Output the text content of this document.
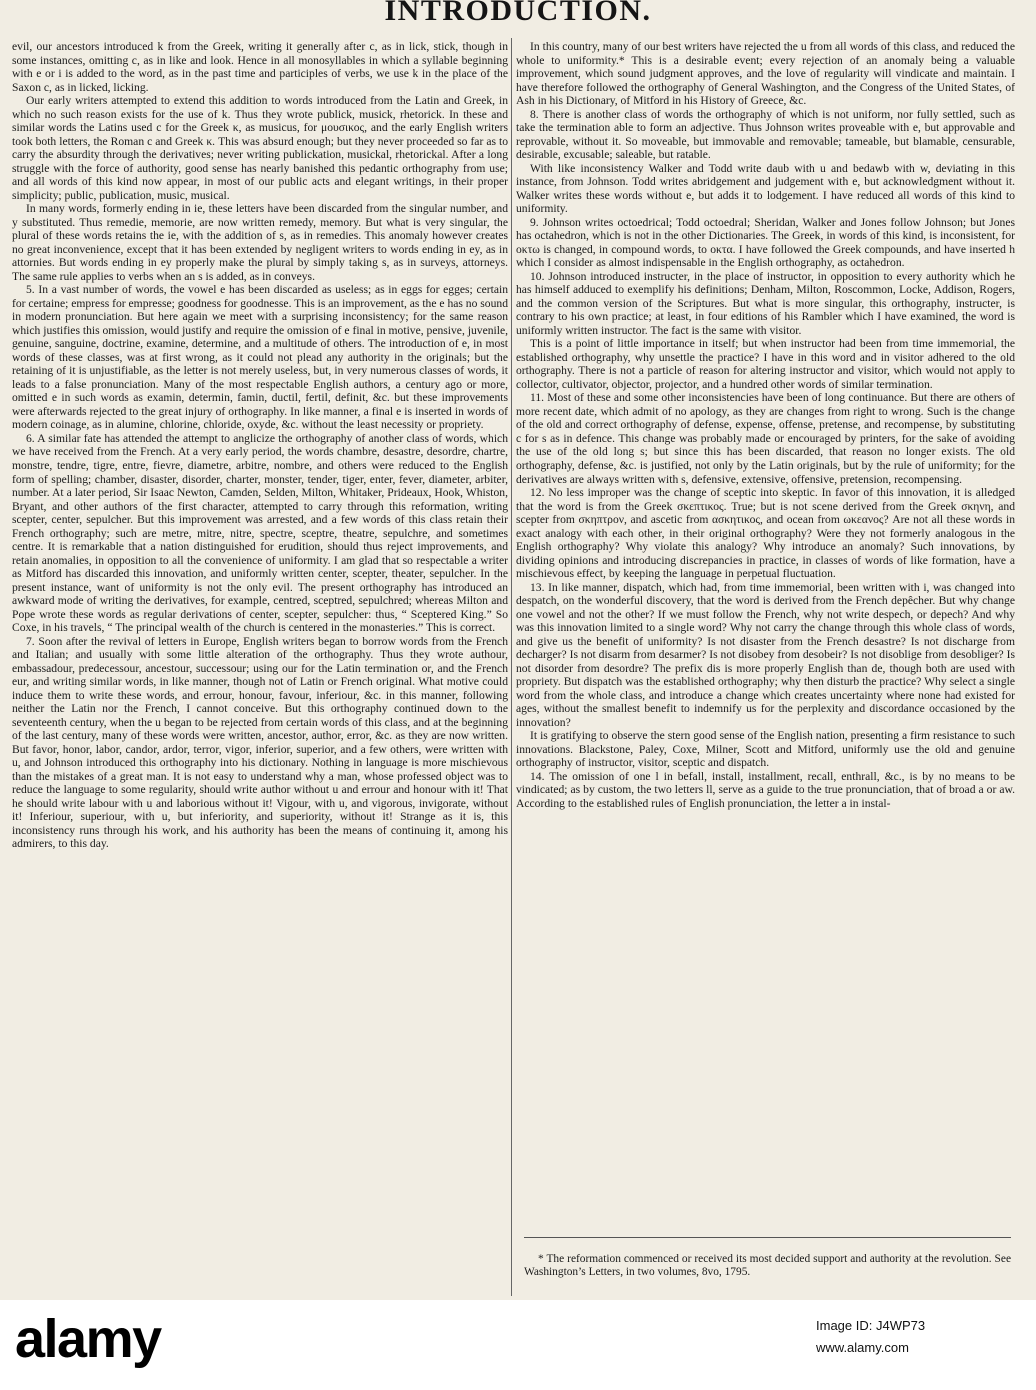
INTRODUCTION.

evil, our ancestors introduced k from the Greek, writing it generally after c, as in lick, stick, though in some instances, omitting c, as in like and look. Hence in all monosyllables in which a syllable beginning with e or i is added to the word, as in the past time and participles of verbs, we use k in the place of the Saxon c, as in licked, licking.

Our early writers attempted to extend this addition to words introduced from the Latin and Greek, in which no such reason exists for the use of k. Thus they wrote publick, musick, rhetorick. In these and similar words the Latins used c for the Greek κ, as musicus, for μουσικος, and the early English writers took both letters, the Roman c and Greek κ. This was absurd enough; but they never proceeded so far as to carry the absurdity through the derivatives; never writing publickation, musickal, rhetorickal. After a long struggle with the force of authority, good sense has nearly banished this pedantic orthography from use; and all words of this kind now appear, in most of our public acts and elegant writings, in their proper simplicity; public, publication, music, musical.

In many words, formerly ending in ie, these letters have been discarded from the singular number, and y substituted. Thus remedie, memorie, are now written remedy, memory. But what is very singular, the plural of these words retains the ie, with the addition of s, as in remedies. This anomaly however creates no great inconvenience, except that it has been extended by negligent writers to words ending in ey, as in attornies. But words ending in ey properly make the plural by simply taking s, as in surveys, attorneys. The same rule applies to verbs when an s is added, as in conveys.

5. In a vast number of words, the vowel e has been discarded as useless; as in eggs for egges; certain for certaine; empress for empresse; goodness for goodnesse. This is an improvement, as the e has no sound in modern pronunciation. But here again we meet with a surprising inconsistency; for the same reason which justifies this omission, would justify and require the omission of e final in motive, pensive, juvenile, genuine, sanguine, doctrine, examine, determine, and a multitude of others. The introduction of e, in most words of these classes, was at first wrong, as it could not plead any authority in the originals; but the retaining of it is unjustifiable, as the letter is not merely useless, but, in very numerous classes of words, it leads to a false pronunciation. Many of the most respectable English authors, a century ago or more, omitted e in such words as examin, determin, famin, ductil, fertil, definit, &c. but these improvements were afterwards rejected to the great injury of orthography. In like manner, a final e is inserted in words of modern coinage, as in alumine, chlorine, chloride, oxyde, &c. without the least necessity or propriety.

6. A similar fate has attended the attempt to anglicize the orthography of another class of words, which we have received from the French. At a very early period, the words chambre, desastre, desordre, chartre, monstre, tendre, tigre, entre, fievre, diametre, arbitre, nombre, and others were reduced to the English form of spelling; chamber, disaster, disorder, charter, monster, tender, tiger, enter, fever, diameter, arbiter, number. At a later period, Sir Isaac Newton, Camden, Selden, Milton, Whitaker, Prideaux, Hook, Whiston, Bryant, and other authors of the first character, attempted to carry through this reformation, writing scepter, center, sepulcher. But this improvement was arrested, and a few words of this class retain their French orthography; such are metre, mitre, nitre, spectre, sceptre, theatre, sepulchre, and sometimes centre. It is remarkable that a nation distinguished for erudition, should thus reject improvements, and retain anomalies, in opposition to all the convenience of uniformity. I am glad that so respectable a writer as Mitford has discarded this innovation, and uniformly written center, scepter, theater, sepulcher. In the present instance, want of uniformity is not the only evil. The present orthography has introduced an awkward mode of writing the derivatives, for example, centred, sceptred, sepulchred; whereas Milton and Pope wrote these words as regular derivations of center, scepter, sepulcher: thus, “ Sceptered King.” So Coxe, in his travels, “ The principal wealth of the church is centered in the monasteries.” This is correct.

7. Soon after the revival of letters in Europe, English writers began to borrow words from the French and Italian; and usually with some little alteration of the orthography. Thus they wrote authour, embassadour, predecessour, ancestour, successour; using our for the Latin termination or, and the French eur, and writing similar words, in like manner, though not of Latin or French original. What motive could induce them to write these words, and errour, honour, favour, inferiour, &c. in this manner, following neither the Latin nor the French, I cannot conceive. But this orthography continued down to the seventeenth century, when the u began to be rejected from certain words of this class, and at the beginning of the last century, many of these words were written, ancestor, author, error, &c. as they are now written. But favor, honor, labor, candor, ardor, terror, vigor, inferior, superior, and a few others, were written with u, and Johnson introduced this orthography into his dictionary. Nothing in language is more mischievous than the mistakes of a great man. It is not easy to understand why a man, whose professed object was to reduce the language to some regularity, should write author without u and errour and honour with it! That he should write labour with u and laborious without it! Vigour, with u, and vigorous, invigorate, without it! Inferiour, superiour, with u, but inferiority, and superiority, without it! Strange as it is, this inconsistency runs through his work, and his authority has been the means of continuing it, among his admirers, to this day.

In this country, many of our best writers have rejected the u from all words of this class, and reduced the whole to uniformity.* This is a desirable event; every rejection of an anomaly being a valuable improvement, which sound judgment approves, and the love of regularity will vindicate and maintain. I have therefore followed the orthography of General Washington, and the Congress of the United States, of Ash in his Dictionary, of Mitford in his History of Greece, &c.

8. There is another class of words the orthography of which is not uniform, nor fully settled, such as take the termination able to form an adjective. Thus Johnson writes proveable with e, but approvable and reprovable, without it. So moveable, but immovable and removable; tameable, but blamable, censurable, desirable, excusable; saleable, but ratable.

With like inconsistency Walker and Todd write daub with u and bedawb with w, deviating in this instance, from Johnson. Todd writes abridgement and judgement with e, but acknowledgment without it. Walker writes these words without e, but adds it to lodgement. I have reduced all words of this kind to uniformity.

9. Johnson writes octoedrical; Todd octoedral; Sheridan, Walker and Jones follow Johnson; but Jones has octahedron, which is not in the other Dictionaries. The Greek, in words of this kind, is inconsistent, for οκτω is changed, in compound words, to οκτα. I have followed the Greek compounds, and have inserted h which I consider as almost indispensable in the English orthography, as octahedron.

10. Johnson introduced instructer, in the place of instructor, in opposition to every authority which he has himself adduced to exemplify his definitions; Denham, Milton, Roscommon, Locke, Addison, Rogers, and the common version of the Scriptures. But what is more singular, this orthography, instructer, is contrary to his own practice; at least, in four editions of his Rambler which I have examined, the word is uniformly written instructor. The fact is the same with visitor.

This is a point of little importance in itself; but when instructor had been from time immemorial, the established orthography, why unsettle the practice? I have in this word and in visitor adhered to the old orthography. There is not a particle of reason for altering instructor and visitor, which would not apply to collector, cultivator, objector, projector, and a hundred other words of similar termination.

11. Most of these and some other inconsistencies have been of long continuance. But there are others of more recent date, which admit of no apology, as they are changes from right to wrong. Such is the change of the old and correct orthography of defense, expense, offense, pretense, and recompense, by substituting c for s as in defence. This change was probably made or encouraged by printers, for the sake of avoiding the use of the old long s; but since this has been discarded, that reason no longer exists. The old orthography, defense, &c. is justified, not only by the Latin originals, but by the rule of uniformity; for the derivatives are always written with s, defensive, extensive, offensive, pretension, recompensing.

12. No less improper was the change of sceptic into skeptic. In favor of this innovation, it is alledged that the word is from the Greek σκεπτικος. True; but is not scene derived from the Greek σκηνη, and scepter from σκηπτρον, and ascetic from ασκητικος, and ocean from ωκεανος? Are not all these words in exact analogy with each other, in their original orthography? Were they not formerly analogous in the English orthography? Why violate this analogy? Why introduce an anomaly? Such innovations, by dividing opinions and introducing discrepancies in practice, in classes of words of like formation, have a mischievous effect, by keeping the language in perpetual fluctuation.

13. In like manner, dispatch, which had, from time immemorial, been written with i, was changed into despatch, on the wonderful discovery, that the word is derived from the French depêcher. But why change one vowel and not the other? If we must follow the French, why not write despech, or depech? And why was this innovation limited to a single word? Why not carry the change through this whole class of words, and give us the benefit of uniformity? Is not disaster from the French desastre? Is not discharge from decharger? Is not disarm from desarmer? Is not disobey from desobeir? Is not disoblige from desobliger? Is not disorder from desordre? The prefix dis is more properly English than de, though both are used with propriety. But dispatch was the established orthography; why then disturb the practice? Why select a single word from the whole class, and introduce a change which creates uncertainty where none had existed for ages, without the smallest benefit to indemnify us for the perplexity and discordance occasioned by the innovation?

It is gratifying to observe the stern good sense of the English nation, presenting a firm resistance to such innovations. Blackstone, Paley, Coxe, Milner, Scott and Mitford, uniformly use the old and genuine orthography of instructor, visitor, sceptic and dispatch.

14. The omission of one l in befall, install, installment, recall, enthrall, &c., is by no means to be vindicated; as by custom, the two letters ll, serve as a guide to the true pronunciation, that of broad a or aw. According to the established rules of English pronunciation, the letter a in instal-

* The reformation commenced or received its most decided support and authority at the revolution. See Washington’s Letters, in two volumes, 8vo, 1795.

alamy	Image ID: J4WP73
www.alamy.com
